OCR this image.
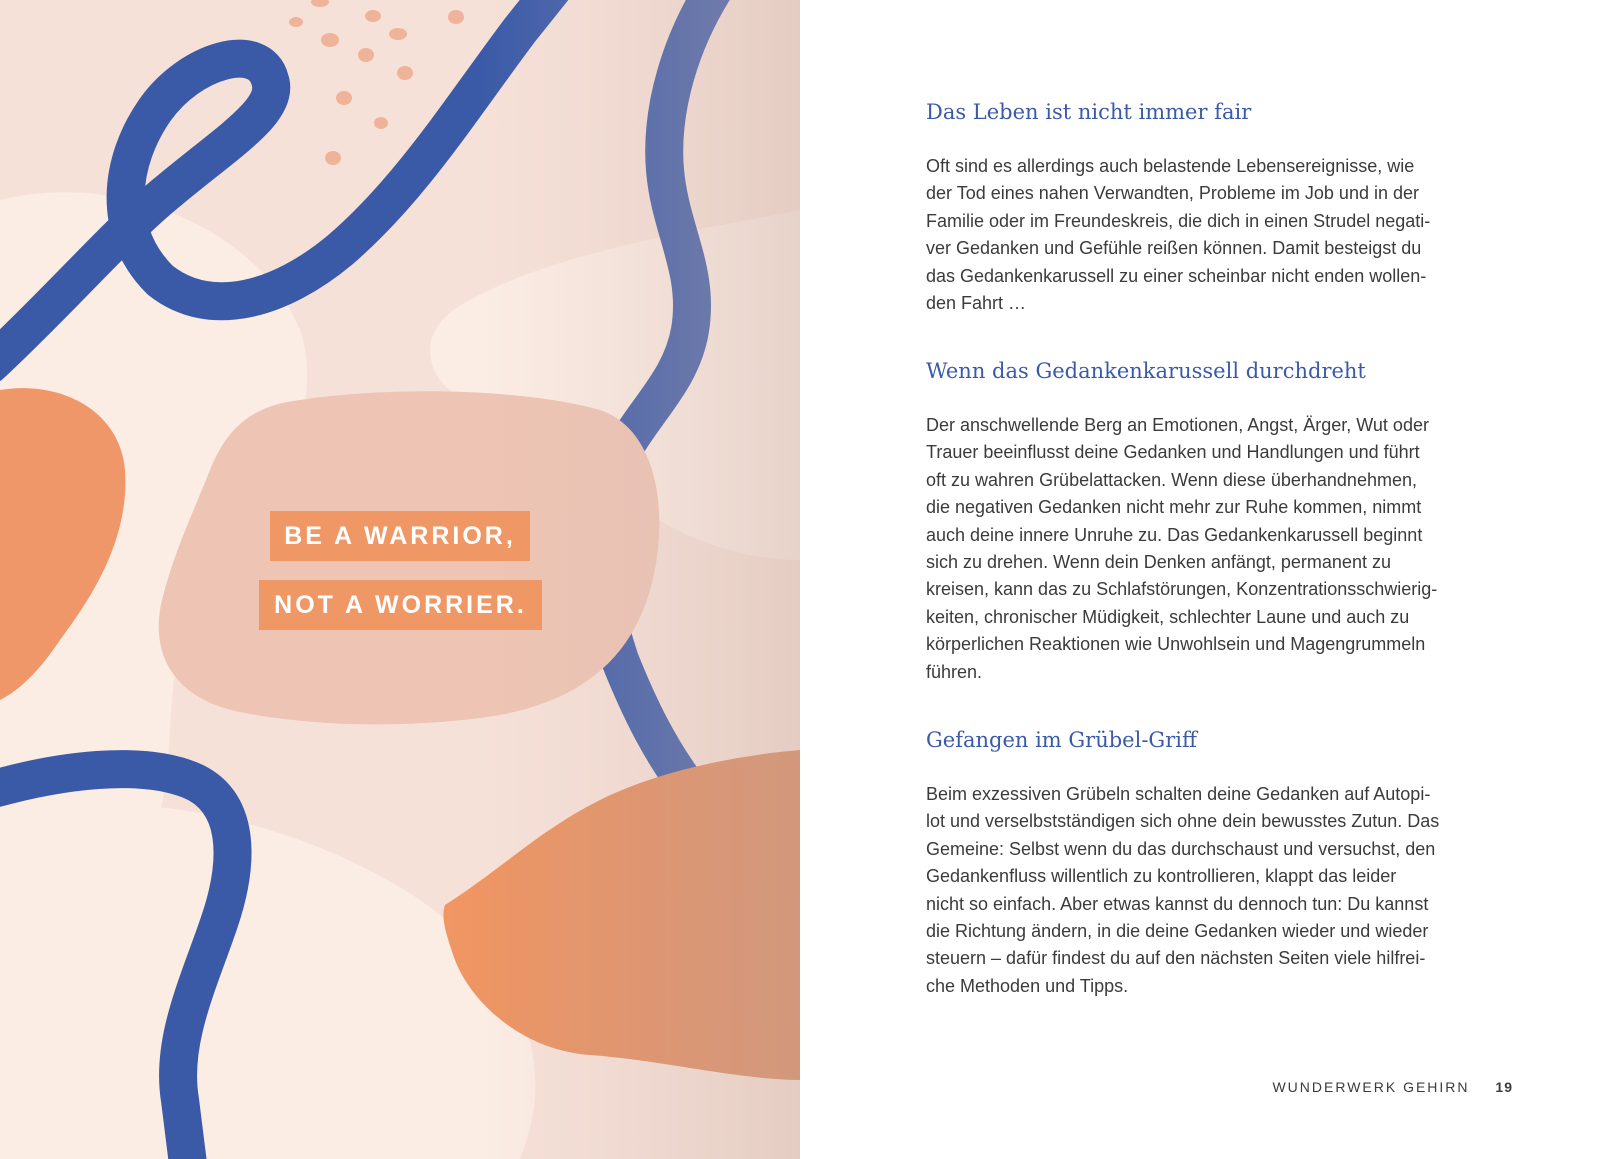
BE A WARRIOR,
NOT A WORRIER.
Das Leben ist nicht immer fair

Oft sind es allerdings auch belastende Lebensereignisse, wie
der Tod eines nahen Verwandten, Probleme im Job und in der
Familie oder im Freundeskreis, die dich in einen Strudel negati-
ver Gedanken und Gefühle reißen können. Damit besteigst du
das Gedankenkarussell zu einer scheinbar nicht enden wollen-
den Fahrt …

Wenn das Gedankenkarussell durchdreht

Der anschwellende Berg an Emotionen, Angst, Ärger, Wut oder
Trauer beeinflusst deine Gedanken und Handlungen und führt
oft zu wahren Grübelattacken. Wenn diese überhandnehmen,
die negativen Gedanken nicht mehr zur Ruhe kommen, nimmt
auch deine innere Unruhe zu. Das Gedankenkarussell beginnt
sich zu drehen. Wenn dein Denken anfängt, permanent zu
kreisen, kann das zu Schlafstörungen, Konzentrationsschwierig-
keiten, chronischer Müdigkeit, schlechter Laune und auch zu
körperlichen Reaktionen wie Unwohlsein und Magengrummeln
führen.

Gefangen im Grübel-Griff

Beim exzessiven Grübeln schalten deine Gedanken auf Autopi-
lot und verselbstständigen sich ohne dein bewusstes Zutun. Das
Gemeine: Selbst wenn du das durchschaust und versuchst, den
Gedankenfluss willentlich zu kontrollieren, klappt das leider
nicht so einfach. Aber etwas kannst du dennoch tun: Du kannst
die Richtung ändern, in die deine Gedanken wieder und wieder
steuern – dafür findest du auf den nächsten Seiten viele hilfrei-
che Methoden und Tipps.

WUNDERWERK GEHIRN 19
